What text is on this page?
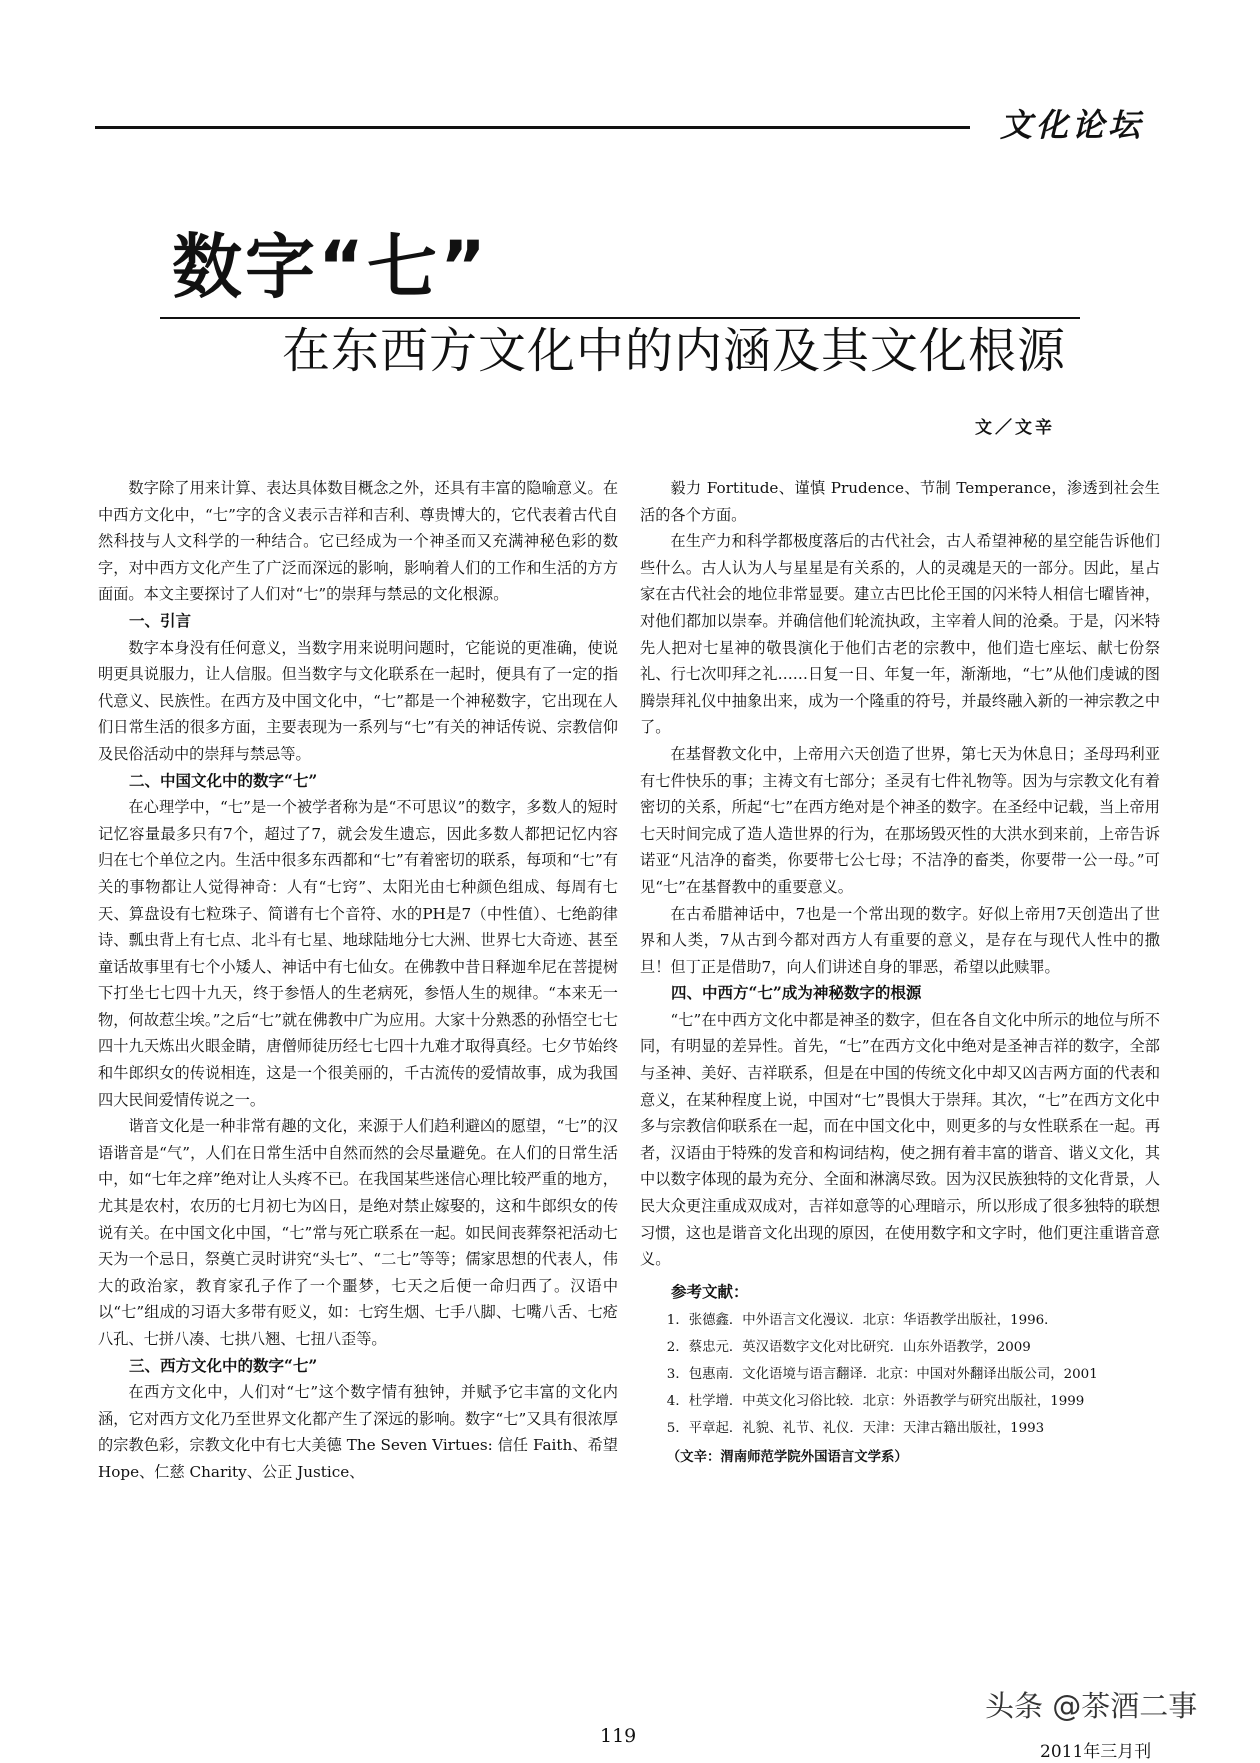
文化论坛
数字“七”
在东西方文化中的内涵及其文化根源
文／文辛

数字除了用来计算、表达具体数目概念之外，还具有丰富的隐喻意义。在中西方文化中，“七”字的含义表示吉祥和吉利、尊贵博大的，它代表着古代自然科技与人文科学的一种结合。它已经成为一个神圣而又充满神秘色彩的数字，对中西方文化产生了广泛而深远的影响，影响着人们的工作和生活的方方面面。本文主要探讨了人们对“七”的崇拜与禁忌的文化根源。

一、引言

数字本身没有任何意义，当数字用来说明问题时，它能说的更准确，使说明更具说服力，让人信服。但当数字与文化联系在一起时，便具有了一定的指代意义、民族性。在西方及中国文化中，“七”都是一个神秘数字，它出现在人们日常生活的很多方面，主要表现为一系列与“七”有关的神话传说、宗教信仰及民俗活动中的崇拜与禁忌等。

二、中国文化中的数字“七”

在心理学中，“七”是一个被学者称为是“不可思议”的数字，多数人的短时记忆容量最多只有7个，超过了7，就会发生遗忘，因此多数人都把记忆内容归在七个单位之内。生活中很多东西都和“七”有着密切的联系，每项和“七”有关的事物都让人觉得神奇：人有“七窍”、太阳光由七种颜色组成、每周有七天、算盘设有七粒珠子、简谱有七个音符、水的PH是7（中性值）、七绝韵律诗、瓢虫背上有七点、北斗有七星、地球陆地分七大洲、世界七大奇迹、甚至童话故事里有七个小矮人、神话中有七仙女。在佛教中昔日释迦牟尼在菩提树下打坐七七四十九天，终于参悟人的生老病死，参悟人生的规律。“本来无一物，何故惹尘埃。”之后“七”就在佛教中广为应用。大家十分熟悉的孙悟空七七四十九天炼出火眼金睛，唐僧师徒历经七七四十九难才取得真经。七夕节始终和牛郎织女的传说相连，这是一个很美丽的，千古流传的爱情故事，成为我国四大民间爱情传说之一。

谐音文化是一种非常有趣的文化，来源于人们趋利避凶的愿望，“七”的汉语谐音是“气”，人们在日常生活中自然而然的会尽量避免。在人们的日常生活中，如“七年之痒”绝对让人头疼不已。在我国某些迷信心理比较严重的地方，尤其是农村，农历的七月初七为凶日，是绝对禁止嫁娶的，这和牛郎织女的传说有关。在中国文化中国，“七”常与死亡联系在一起。如民间丧葬祭祀活动七天为一个忌日，祭奠亡灵时讲究“头七”、“二七”等等；儒家思想的代表人，伟大的政治家，教育家孔子作了一个噩梦，七天之后便一命归西了。汉语中以“七”组成的习语大多带有贬义，如：七窍生烟、七手八脚、七嘴八舌、七疮八孔、七拼八凑、七拱八翘、七扭八歪等。

三、西方文化中的数字“七”

在西方文化中，人们对“七”这个数字情有独钟，并赋予它丰富的文化内涵，它对西方文化乃至世界文化都产生了深远的影响。数字“七”又具有很浓厚的宗教色彩，宗教文化中有七大美德 The Seven Virtues: 信任 Faith、希望 Hope、仁慈 Charity、公正 Justice、

毅力 Fortitude、谨慎 Prudence、节制 Temperance，渗透到社会生活的各个方面。

在生产力和科学都极度落后的古代社会，古人希望神秘的星空能告诉他们些什么。古人认为人与星星是有关系的，人的灵魂是天的一部分。因此，星占家在古代社会的地位非常显要。建立古巴比伦王国的闪米特人相信七曜皆神，对他们都加以崇奉。并确信他们轮流执政，主宰着人间的沧桑。于是，闪米特先人把对七星神的敬畏演化于他们古老的宗教中，他们造七座坛、献七份祭礼、行七次叩拜之礼……日复一日、年复一年，渐渐地，“七”从他们虔诚的图腾崇拜礼仪中抽象出来，成为一个隆重的符号，并最终融入新的一神宗教之中了。

在基督教文化中，上帝用六天创造了世界，第七天为休息日；圣母玛利亚有七件快乐的事；主祷文有七部分；圣灵有七件礼物等。因为与宗教文化有着密切的关系，所起“七”在西方绝对是个神圣的数字。在圣经中记载，当上帝用七天时间完成了造人造世界的行为，在那场毁灭性的大洪水到来前，上帝告诉诺亚“凡洁净的畜类，你要带七公七母；不洁净的畜类，你要带一公一母。”可见“七”在基督教中的重要意义。

在古希腊神话中，7也是一个常出现的数字。好似上帝用7天创造出了世界和人类，7从古到今都对西方人有重要的意义，是存在与现代人性中的撒旦！但丁正是借助7，向人们讲述自身的罪恶，希望以此赎罪。

四、中西方“七”成为神秘数字的根源

“七”在中西方文化中都是神圣的数字，但在各自文化中所示的地位与所不同，有明显的差异性。首先，“七”在西方文化中绝对是圣神吉祥的数字，全部与圣神、美好、吉祥联系，但是在中国的传统文化中却又凶吉两方面的代表和意义，在某种程度上说，中国对“七”畏惧大于崇拜。其次，“七”在西方文化中多与宗教信仰联系在一起，而在中国文化中，则更多的与女性联系在一起。再者，汉语由于特殊的发音和构词结构，使之拥有着丰富的谐音、谐义文化，其中以数字体现的最为充分、全面和淋漓尽致。因为汉民族独特的文化背景，人民大众更注重成双成对，吉祥如意等的心理暗示，所以形成了很多独特的联想习惯，这也是谐音文化出现的原因，在使用数字和文字时，他们更注重谐音意义。

参考文献：
1．张德鑫．中外语言文化漫议．北京：华语教学出版社，1996．
2．蔡忠元．英汉语数字文化对比研究．山东外语教学，2009
3．包惠南．文化语境与语言翻译．北京：中国对外翻译出版公司，2001
4．杜学增．中英文化习俗比较．北京：外语教学与研究出版社，1999
5．平章起．礼貌、礼节、礼仪．天津：天津古籍出版社，1993
（文辛：渭南师范学院外国语言文学系）
119
头条 @茶酒二事
2011年三月刊
